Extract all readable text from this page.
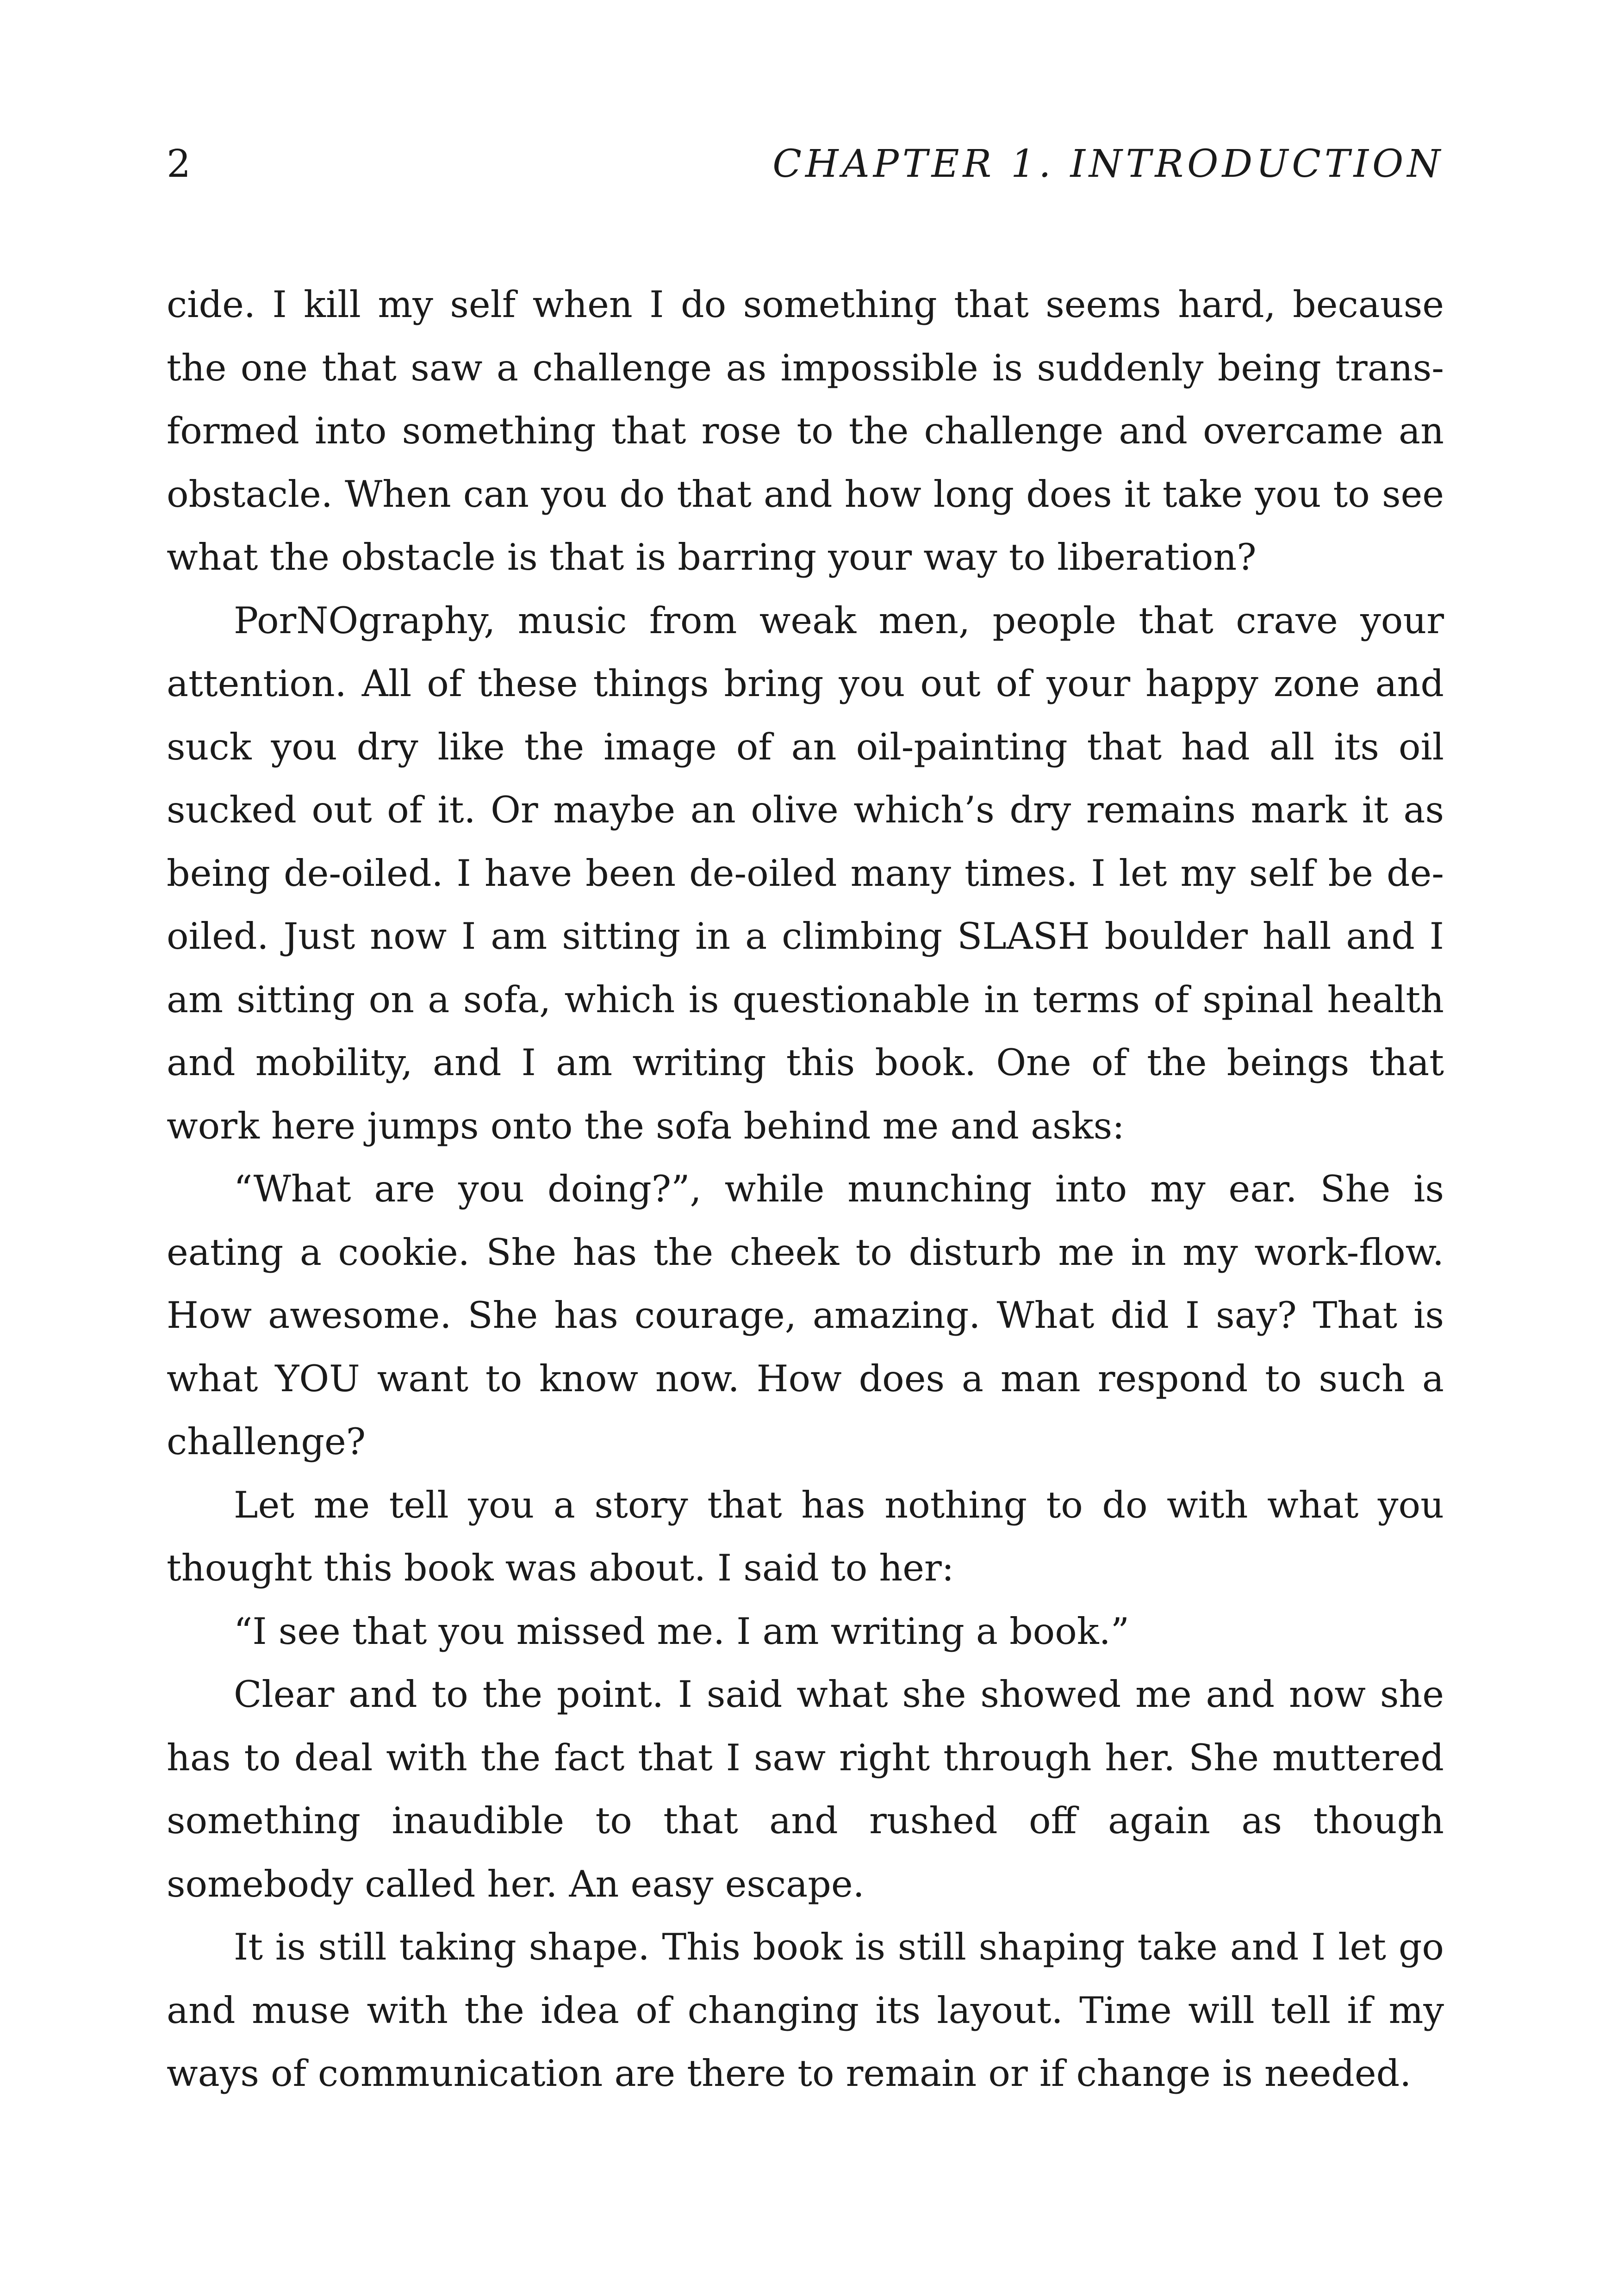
2	CHAPTER 1. INTRODUCTION

cide. I kill my self when I do something that seems hard, because the one that saw a challenge as impossible is suddenly being transformed into something that rose to the challenge and overcame an obstacle. When can you do that and how long does it take you to see what the obstacle is that is barring your way to liberation?

PorNOgraphy, music from weak men, people that crave your attention. All of these things bring you out of your happy zone and suck you dry like the image of an oil-painting that had all its oil sucked out of it. Or maybe an olive which’s dry remains mark it as being de-oiled. I have been de-oiled many times. I let my self be de-oiled. Just now I am sitting in a climbing SLASH boulder hall and I am sitting on a sofa, which is questionable in terms of spinal health and mobility, and I am writing this book. One of the beings that work here jumps onto the sofa behind me and asks:

“What are you doing?”, while munching into my ear. She is eating a cookie. She has the cheek to disturb me in my work-flow. How awesome. She has courage, amazing. What did I say? That is what YOU want to know now. How does a man respond to such a challenge?

Let me tell you a story that has nothing to do with what you thought this book was about. I said to her:

“I see that you missed me. I am writing a book.”

Clear and to the point. I said what she showed me and now she has to deal with the fact that I saw right through her. She muttered something inaudible to that and rushed off again as though somebody called her. An easy escape.

It is still taking shape. This book is still shaping take and I let go and muse with the idea of changing its layout. Time will tell if my ways of communication are there to remain or if change is needed.
